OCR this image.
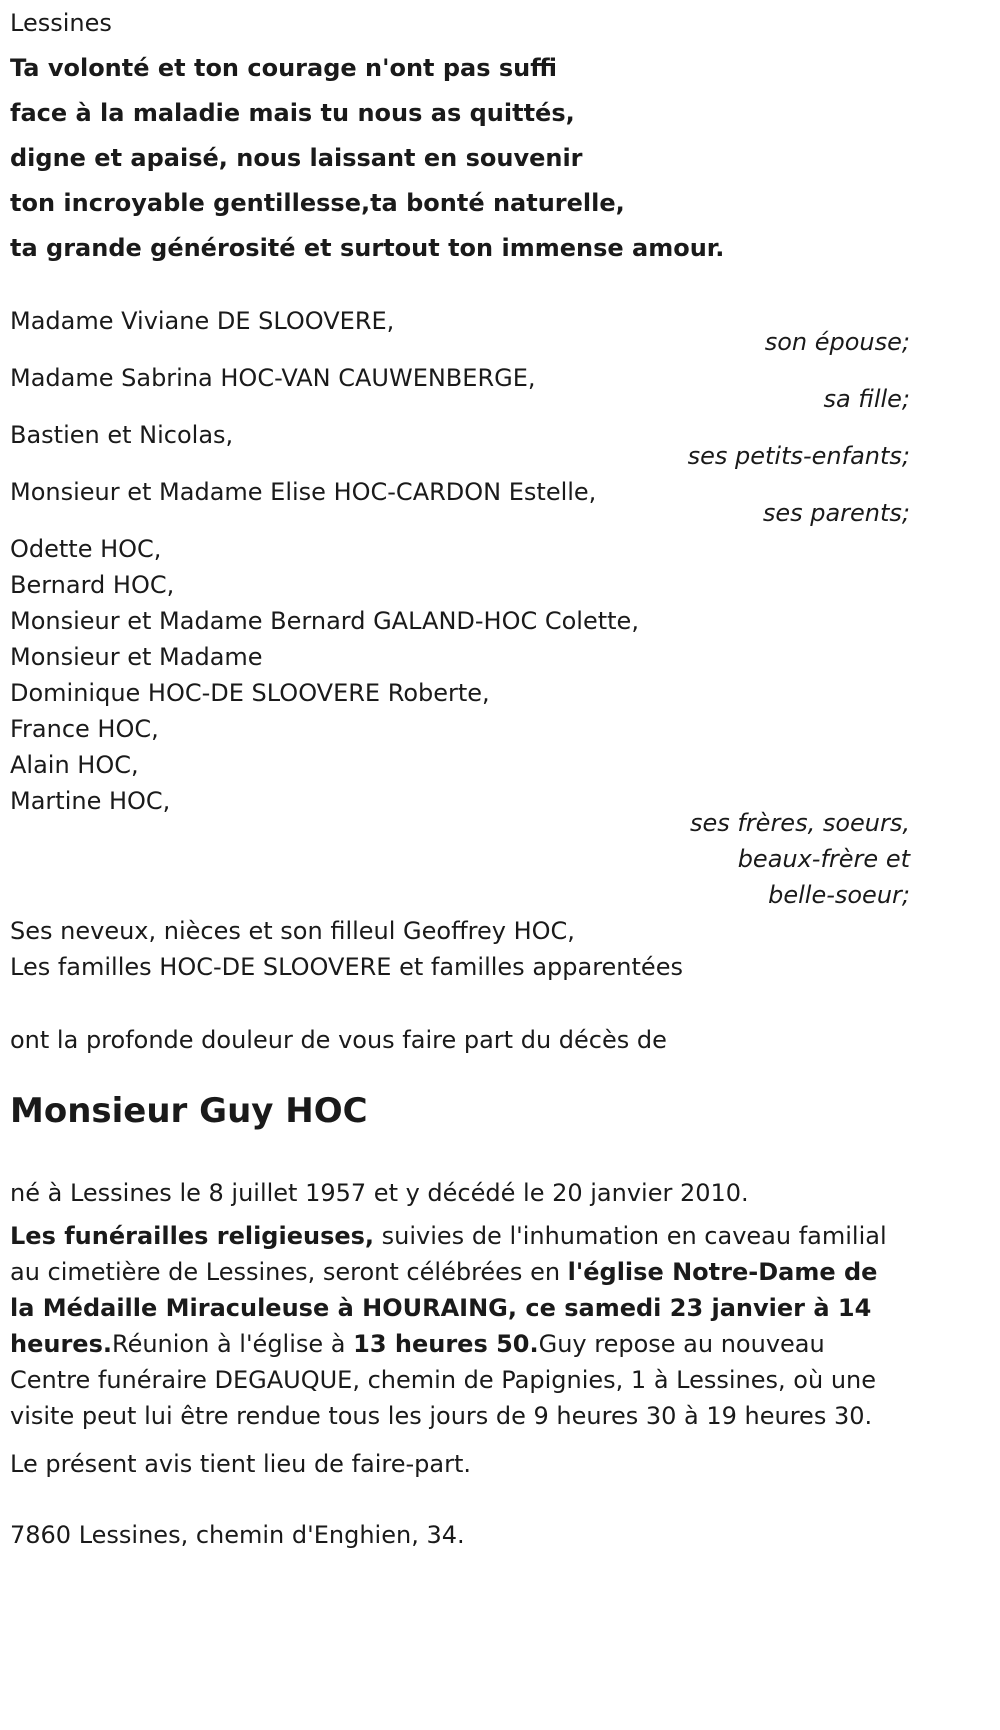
Lessines
Ta volonté et ton courage n'ont pas suffi
face à la maladie mais tu nous as quittés,
digne et apaisé, nous laissant en souvenir
ton incroyable gentillesse,ta bonté naturelle,
ta grande générosité et surtout ton immense amour.
Madame Viviane DE SLOOVERE,
son épouse;
Madame Sabrina HOC-VAN CAUWENBERGE,
sa fille;
Bastien et Nicolas,
ses petits-enfants;
Monsieur et Madame Elise HOC-CARDON Estelle,
ses parents;
Odette HOC,
Bernard HOC,
Monsieur et Madame Bernard GALAND-HOC Colette,
Monsieur et Madame
Dominique HOC-DE SLOOVERE Roberte,
France HOC,
Alain HOC,
Martine HOC,
ses frères, soeurs,
beaux-frère et
belle-soeur;
Ses neveux, nièces et son filleul Geoffrey HOC,
Les familles HOC-DE SLOOVERE et familles apparentées
ont la profonde douleur de vous faire part du décès de
Monsieur Guy HOC
né à Lessines le 8 juillet 1957 et y décédé le 20 janvier 2010.
Les funérailles religieuses, suivies de l'inhumation en caveau familial au cimetière de Lessines, seront célébrées en l'église Notre-Dame de la Médaille Miraculeuse à HOURAING, ce samedi 23 janvier à 14 heures.Réunion à l'église à 13 heures 50.Guy repose au nouveau Centre funéraire DEGAUQUE, chemin de Papignies, 1 à Lessines, où une visite peut lui être rendue tous les jours de 9 heures 30 à 19 heures 30.
Le présent avis tient lieu de faire-part.
7860 Lessines, chemin d'Enghien, 34.
